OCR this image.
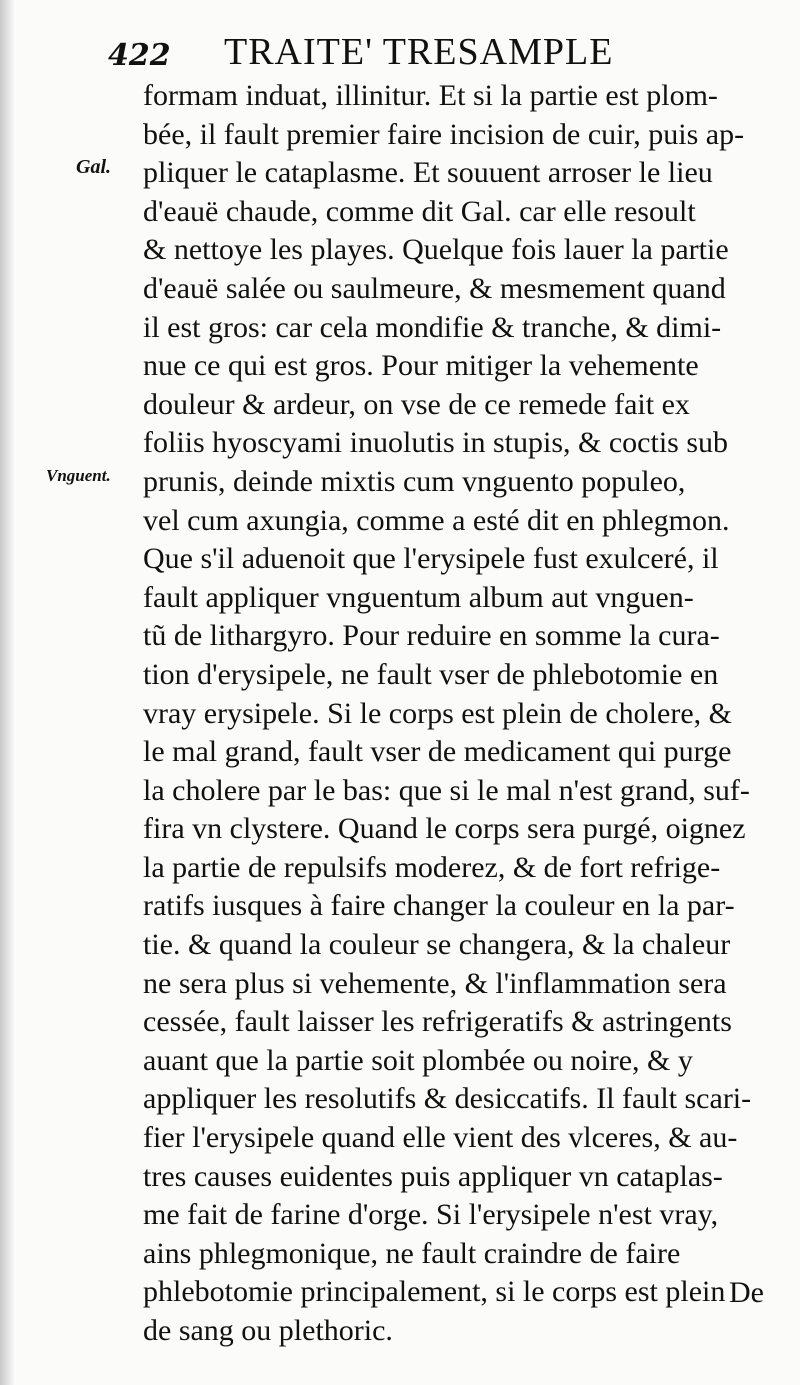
422 TRAITE' TRESAMPLE
Gal.
Vnguent.
formam induat, illinitur. Et si la partie est plom-
bée, il fault premier faire incision de cuir, puis ap-
pliquer le cataplasme. Et souuent arroser le lieu
d'eauë chaude, comme dit Gal. car elle resoult
& nettoye les playes. Quelque fois lauer la partie
d'eauë salée ou saulmeure, & mesmement quand
il est gros: car cela mondifie & tranche, & dimi-
nue ce qui est gros. Pour mitiger la vehemente
douleur & ardeur, on vse de ce remede fait ex
foliis hyoscyami inuolutis in stupis, & coctis sub
prunis, deinde mixtis cum vnguento populeo,
vel cum axungia, comme a esté dit en phlegmon.
Que s'il aduenoit que l'erysipele fust exulceré, il
fault appliquer vnguentum album aut vnguen-
tũ de lithargyro. Pour reduire en somme la cura-
tion d'erysipele, ne fault vser de phlebotomie en
vray erysipele. Si le corps est plein de cholere, &
le mal grand, fault vser de medicament qui purge
la cholere par le bas: que si le mal n'est grand, suf-
fira vn clystere. Quand le corps sera purgé, oignez
la partie de repulsifs moderez, & de fort refrige-
ratifs iusques à faire changer la couleur en la par-
tie. & quand la couleur se changera, & la chaleur
ne sera plus si vehemente, & l'inflammation sera
cessée, fault laisser les refrigeratifs & astringents
auant que la partie soit plombée ou noire, & y
appliquer les resolutifs & desiccatifs. Il fault scari-
fier l'erysipele quand elle vient des vlceres, & au-
tres causes euidentes puis appliquer vn cataplas-
me fait de farine d'orge. Si l'erysipele n'est vray,
ains phlegmonique, ne fault craindre de faire
phlebotomie principalement, si le corps est plein
de sang ou plethoric.
De
